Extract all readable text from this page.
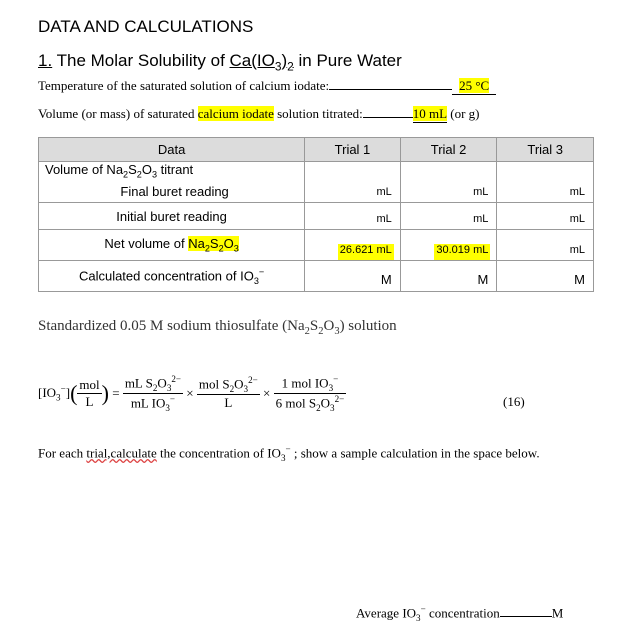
DATA AND CALCULATIONS
1. The Molar Solubility of $Ca(IO_3)_2$ in Pure Water
Temperature of the saturated solution of calcium iodate:	25 °C
Volume (or mass) of saturated calcium iodate solution titrated:	10 mL (or g)
Data	Trial 1	Trial 2	Trial 3

Volume of $Na_2S_2O_3$ titrant
Final buret reading	mL	mL	mL
Initial buret reading	mL	mL	mL
Net volume of $Na_2S_2O_3$	26.621 mL	30.019 mL	mL
Calculated concentration of $IO_3^-$	M	M	M
Standardized 0.05 M sodium thiosulfate $(Na_2S_2O_3)$ solution
$[IO_3^-]( \frac{\text{mol}}{L}$ ) = $\frac{mL S_2O_3^{2-}}{mL IO_3^-} \times \frac{mol S_2O_3^{2-}}{L} \times \frac{1 mol IO_3^-}{6 mol S_2O_3^{2-}}$	(16)
For each trial,calculate the concentration of $IO_3^-$ ; show a sample calculation in the space below.
Average $IO_3^-$ concentration	M
